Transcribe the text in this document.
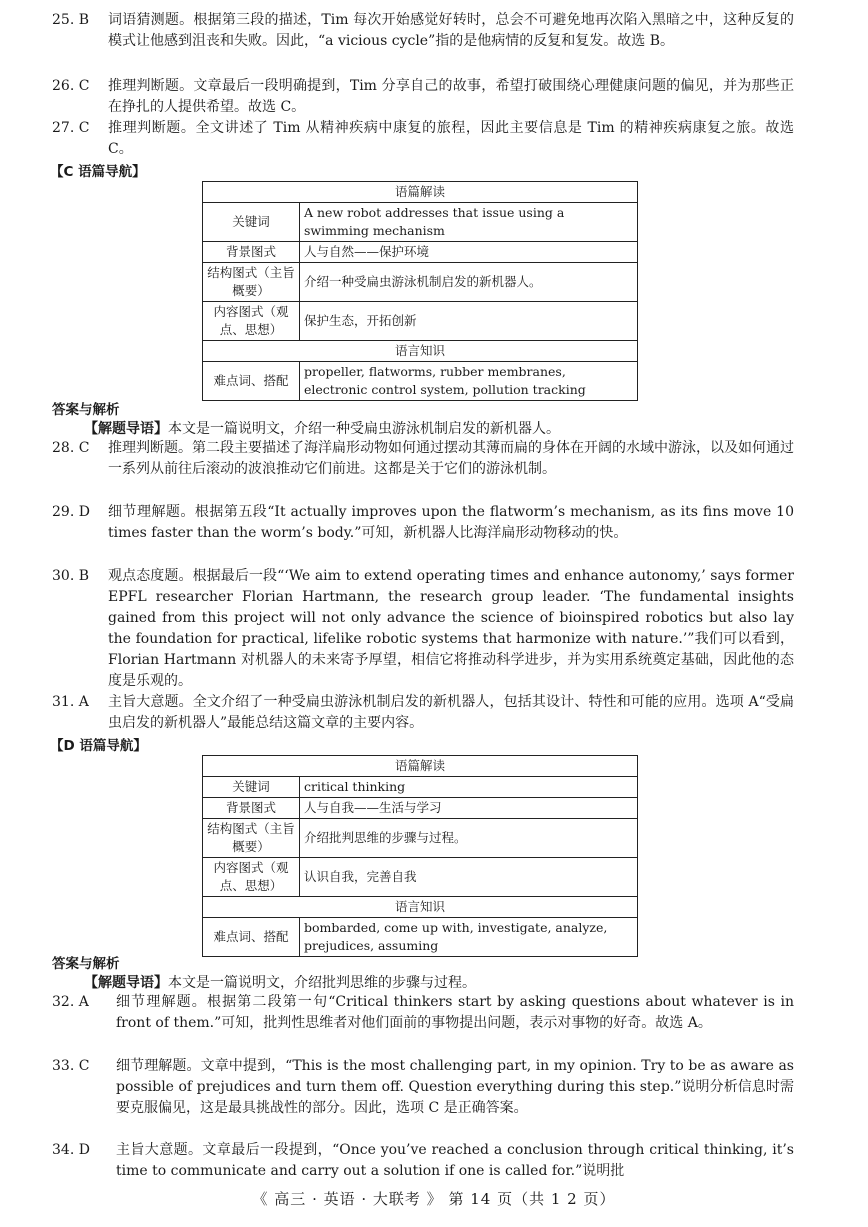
25. B	词语猜测题。根据第三段的描述，Tim 每次开始感觉好转时，总会不可避免地再次陷入黑暗之中，这种反复的模式让他感到沮丧和失败。因此，“a vicious cycle”指的是他病情的反复和复发。故选 B。
26. C	推理判断题。文章最后一段明确提到，Tim 分享自己的故事，希望打破围绕心理健康问题的偏见，并为那些正在挣扎的人提供希望。故选 C。
27. C	推理判断题。全文讲述了 Tim 从精神疾病中康复的旅程，因此主要信息是 Tim 的精神疾病康复之旅。故选 C。
【C 语篇导航】
语篇解读	
关键词	A new robot addresses that issue using a swimming mechanism
背景图式	人与自然——保护环境
结构图式（主旨概要）	介绍一种受扁虫游泳机制启发的新机器人。
内容图式（观点、思想）	保护生态，开拓创新
语言知识	
难点词、搭配	propeller, flatworms, rubber membranes, electronic control system, pollution tracking
答案与解析
【解题导语】本文是一篇说明文，介绍一种受扁虫游泳机制启发的新机器人。
28. C	推理判断题。第二段主要描述了海洋扁形动物如何通过摆动其薄而扁的身体在开阔的水域中游泳，以及如何通过一系列从前往后滚动的波浪推动它们前进。这都是关于它们的游泳机制。
29. D	细节理解题。根据第五段“It actually improves upon the flatworm’s mechanism, as its fins move 10 times faster than the worm’s body.”可知，新机器人比海洋扁形动物移动的快。
30. B	观点态度题。根据最后一段“‘We aim to extend operating times and enhance autonomy,’ says former EPFL researcher Florian Hartmann, the research group leader. ‘The fundamental insights gained from this project will not only advance the science of bioinspired robotics but also lay the foundation for practical, lifelike robotic systems that harmonize with nature.’”我们可以看到，Florian Hartmann 对机器人的未来寄予厚望，相信它将推动科学进步，并为实用系统奠定基础，因此他的态度是乐观的。
31. A	主旨大意题。全文介绍了一种受扁虫游泳机制启发的新机器人，包括其设计、特性和可能的应用。选项 A“受扁虫启发的新机器人”最能总结这篇文章的主要内容。
【D 语篇导航】
语篇解读	
关键词	critical thinking
背景图式	人与自我——生活与学习
结构图式（主旨概要）	介绍批判思维的步骤与过程。
内容图式（观点、思想）	认识自我，完善自我
语言知识	
难点词、搭配	bombarded, come up with, investigate, analyze, prejudices, assuming
答案与解析
【解题导语】本文是一篇说明文，介绍批判思维的步骤与过程。
32. A	细节理解题。根据第二段第一句“Critical thinkers start by asking questions about whatever is in front of them.”可知，批判性思维者对他们面前的事物提出问题，表示对事物的好奇。故选 A。
33. C	细节理解题。文章中提到，“This is the most challenging part, in my opinion. Try to be as aware as possible of prejudices and turn them off. Question everything during this step.”说明分析信息时需要克服偏见，这是最具挑战性的部分。因此，选项 C 是正确答案。
34. D	主旨大意题。文章最后一段提到，“Once you’ve reached a conclusion through critical thinking, it’s time to communicate and carry out a solution if one is called for.”说明批
《 高三 · 英语 · 大联考 》 第 14 页（共 1 2 页）
